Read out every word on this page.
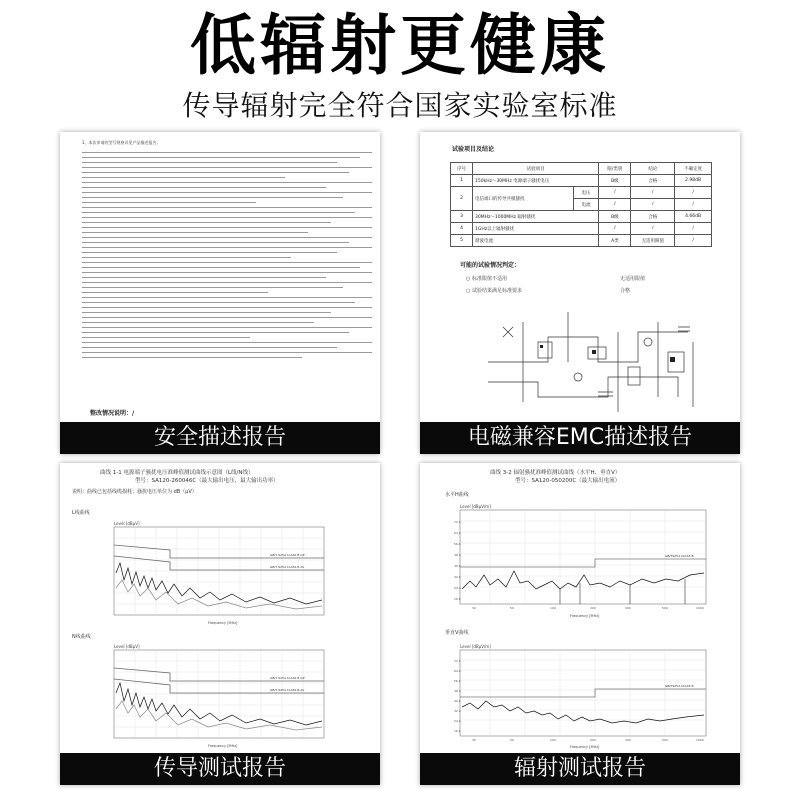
低辐射更健康
传导辐射完全符合国家实验室标准
1、本次申请的型号规格详见产品描述报告；
整改情况说明：/
安全描述报告
试验项目及结论
序号	试验项目		限/类别	结论	不确定度
1	150kHz～30MHz 电源端子骚扰电压		B级	合格	2.98dB
2	电信端口的传导共模骚扰	电压	/	/	/
		电流	/	/	/
3	30MHz～1000MHz 辐射骚扰		B级	合格	4.66dB
4	1GHz以上辐射骚扰		/	/	/
5	谐波电流		A类	无适用限值	/
可能的试验情况判定：
○ 标准限值不适用	无适用限值
○ 试验结果满足标准要求	合格
电磁兼容EMC描述报告
曲线 1-1 电源端子骚扰电压准峰值测试曲线示意图（L线/N线）
型号：SA120-260046C（最大输出电压、最大输出功率）
说明：曲线已包括线缆损耗；骚扰电压单位为 dB（μV）
L线曲线
Level [dBμV]
GB/T 9254 CLASS B QP
GB/T 9254 CLASS B AV
Frequency [MHz]
N线曲线
Level [dBμV]
GB/T 9254 CLASS B QP
GB/T 9254 CLASS B AV
Frequency [MHz]
传导测试报告
曲线 3-2 辐射骚扰准峰值测试曲线（水平H、垂直V）
型号：SA120-050200C（最大输出电流）
水平H曲线
Level [dBμV/m]
72.0
64.0
56.0
48.0
40.0
32.0
24.0
16.0
GB/T9254 CLASS B
30	50	100	200	300	500	1000
Frequency [MHz]
垂直V曲线
Level [dBμV/m]
72.0
64.0
56.0
48.0
40.0
32.0
24.0
16.0
GB/T9254 CLASS B
30	50	100	200	300	500	1000
Frequency [MHz]
辐射测试报告
